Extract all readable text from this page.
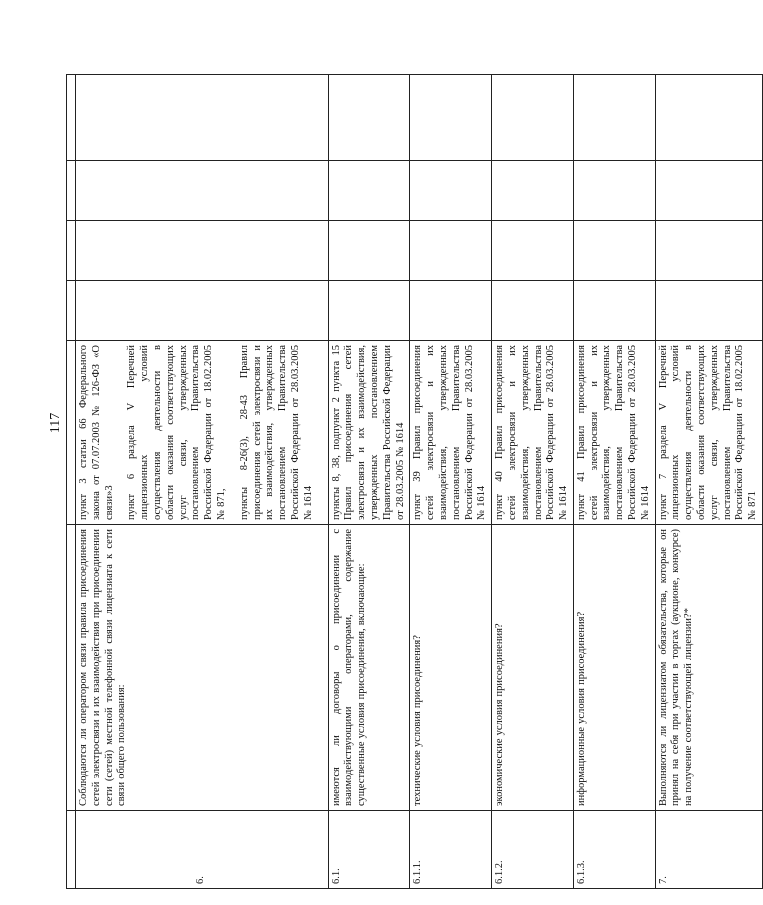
117

6.	Соблюдаются ли оператором связи правила присоединения сетей электросвязи и их взаимодействия при присоединении сети (сетей) местной телефонной связи лицензиата к сети связи общего пользования:	пункт 3 статьи 66 Федерального закона от 07.07.2003 № 126-ФЗ «О связи»3 пункт 6 раздела V Перечней лицензионных условий осуществления деятельности в области оказания соответствующих услуг связи, утвержденных постановлением Правительства Российской Федерации от 18.02.2005 № 871, пункты 8-26(3), 28-43 Правил присоединения сетей электросвязи и их взаимодействия, утвержденных постановлением Правительства Российской Федерации от 28.03.2005 № 1614				

6.1.	имеются ли договоры о присоединении с взаимодействующими операторами, содержание существенные условия присоединения, включающие:	пункты 8, 38, подпункт 2 пункта 15 Правил присоединения сетей электросвязи и их взаимодействия, утвержденных постановлением Правительства Российской Федерации от 28.03.2005 № 1614				
6.1.1.	технические условия присоединения?	пункт 39 Правил присоединения сетей электросвязи и их взаимодействия, утвержденных постановлением Правительства Российской Федерации от 28.03.2005 № 1614				
6.1.2.	экономические условия присоединения?	пункт 40 Правил присоединения сетей электросвязи и их взаимодействия, утвержденных постановлением Правительства Российской Федерации от 28.03.2005 № 1614				
6.1.3.	информационные условия присоединения?	пункт 41 Правил присоединения сетей электросвязи и их взаимодействия, утвержденных постановлением Правительства Российской Федерации от 28.03.2005 № 1614				
7.	Выполняются ли лицензиатом обязательства, которые он принял на себя при участии в торгах (аукционе, конкурсе) на получение соответствующей лицензии?*	пункт 7 раздела V Перечней лицензионных условий осуществления деятельности в области оказания соответствующих услуг связи, утвержденных постановлением Правительства Российской Федерации от 18.02.2005 № 871				
